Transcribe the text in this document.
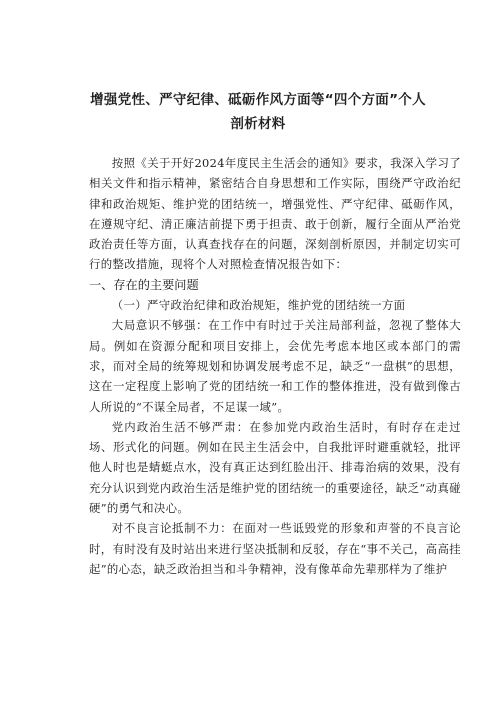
增强党性、严守纪律、砥砺作风方面等“四个方面”个人剖析材料

按照《关于开好2024年度民主生活会的通知》要求，我深入学习了相关文件和指示精神，紧密结合自身思想和工作实际，围绕严守政治纪律和政治规矩、维护党的团结统一，增强党性、严守纪律、砥砺作风，在遵规守纪、清正廉洁前提下勇于担责、敢于创新，履行全面从严治党政治责任等方面，认真查找存在的问题，深刻剖析原因，并制定切实可行的整改措施，现将个人对照检查情况报告如下：

一、存在的主要问题

（一）严守政治纪律和政治规矩，维护党的团结统一方面

大局意识不够强：在工作中有时过于关注局部利益，忽视了整体大局。例如在资源分配和项目安排上，会优先考虑本地区或本部门的需求，而对全局的统筹规划和协调发展考虑不足，缺乏“一盘棋”的思想，这在一定程度上影响了党的团结统一和工作的整体推进，没有做到像古人所说的“不谋全局者，不足谋一域”。

党内政治生活不够严肃：在参加党内政治生活时，有时存在走过场、形式化的问题。例如在民主生活会中，自我批评时避重就轻，批评他人时也是蜻蜓点水，没有真正达到红脸出汗、排毒治病的效果，没有充分认识到党内政治生活是维护党的团结统一的重要途径，缺乏“动真碰硬”的勇气和决心。

对不良言论抵制不力：在面对一些诋毁党的形象和声誉的不良言论时，有时没有及时站出来进行坚决抵制和反驳，存在“事不关己，高高挂起”的心态，缺乏政治担当和斗争精神，没有像革命先辈那样为了维护
